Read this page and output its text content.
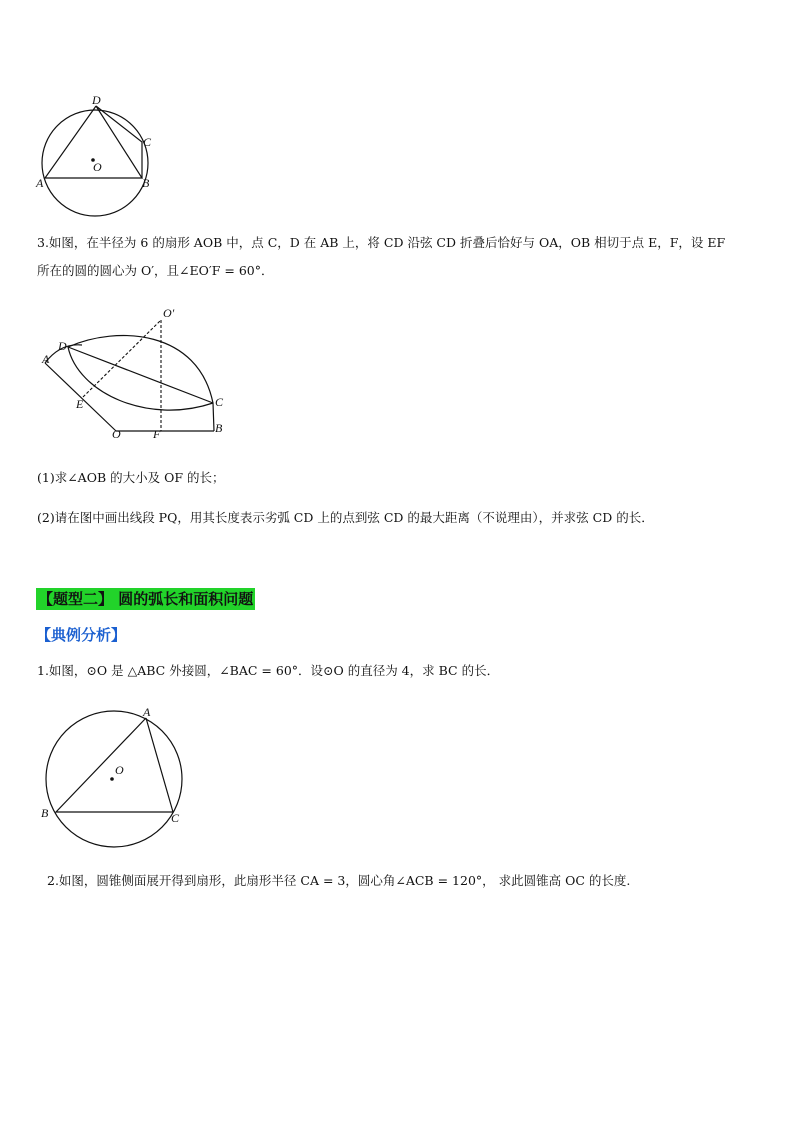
D
C
A	B
O
3.如图，在半径为 6 的扇形 AOB 中，点 C，D 在 AB 上，将 CD 沿弦 CD 折叠后恰好与 OA，OB 相切于点 E，F，设 EF
所在的圆的圆心为 O′，且∠EO′F = 60°．
O′
D
A
E	C
O	F	B
(1)求∠AOB 的大小及 OF 的长；
(2)请在图中画出线段 PQ，用其长度表示劣弧 CD 上的点到弦 CD 的最大距离（不说理由），并求弦 CD 的长．
【题型二】 圆的弧长和面积问题
【典例分析】
1.如图，⊙O 是 △ABC 外接圆，∠BAC = 60°．设⊙O 的直径为 4，求 BC 的长．
A
O
B	C
2.如图，圆锥侧面展开得到扇形，此扇形半径 CA = 3，圆心角∠ACB = 120°， 求此圆锥高 OC 的长度.
